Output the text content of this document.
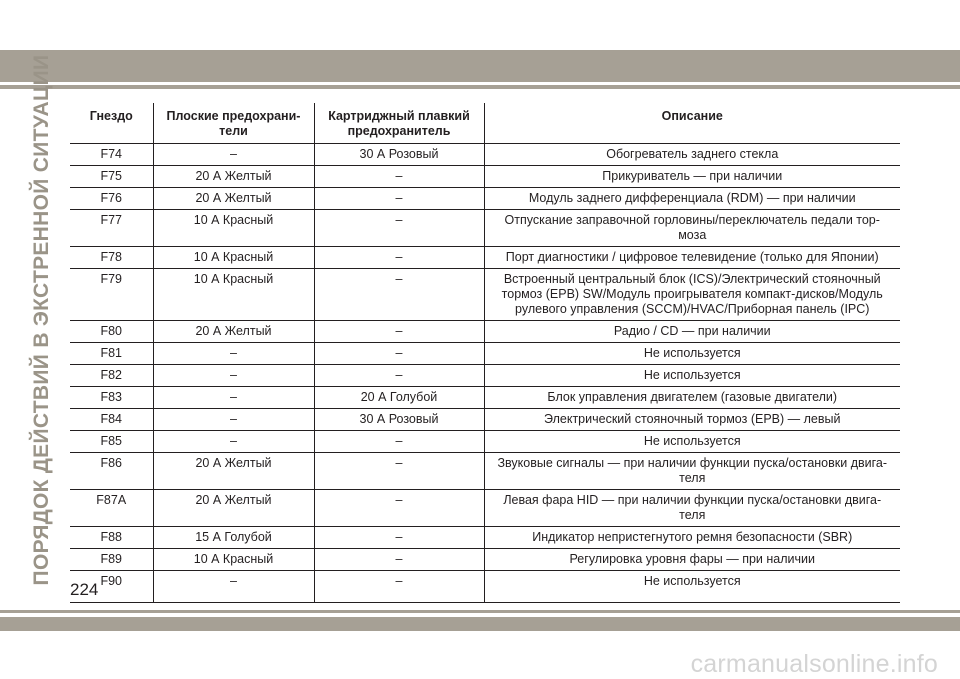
ПОРЯДОК ДЕЙСТВИЙ В ЭКСТРЕННОЙ СИТУАЦИИ	Гнездо	Плоские предохрани-
тели	Картриджный плавкий
предохранитель	Описание
F74	–	30 А Розовый	Обогреватель заднего стекла
F75	20 А Желтый	–	Прикуриватель — при наличии
F76	20 А Желтый	–	Модуль заднего дифференциала (RDM) — при наличии
F77	10 А Красный	–	Отпускание заправочной горловины/переключатель педали тор-
моза
F78	10 А Красный	–	Порт диагностики / цифровое телевидение (только для Японии)
F79	10 А Красный	–	Встроенный центральный блок (ICS)/Электрический стояночный
тормоз (EPB) SW/Модуль проигрывателя компакт-дисков/Модуль
рулевого управления (SCCM)/HVAC/Приборная панель (IPC)
F80	20 А Желтый	–	Радио / CD — при наличии
F81	–	–	Не используется
F82	–	–	Не используется
F83	–	20 А Голубой	Блок управления двигателем (газовые двигатели)
F84	–	30 А Розовый	Электрический стояночный тормоз (EPB) — левый
F85	–	–	Не используется
F86	20 А Желтый	–	Звуковые сигналы — при наличии функции пуска/остановки двига-
теля
F87A	20 А Желтый	–	Левая фара HID — при наличии функции пуска/остановки двига-
теля
F88	15 А Голубой	–	Индикатор непристегнутого ремня безопасности (SBR)
F89	10 А Красный	–	Регулировка уровня фары — при наличии
F90	–	–	Не используется
224
carmanualsonline.info
